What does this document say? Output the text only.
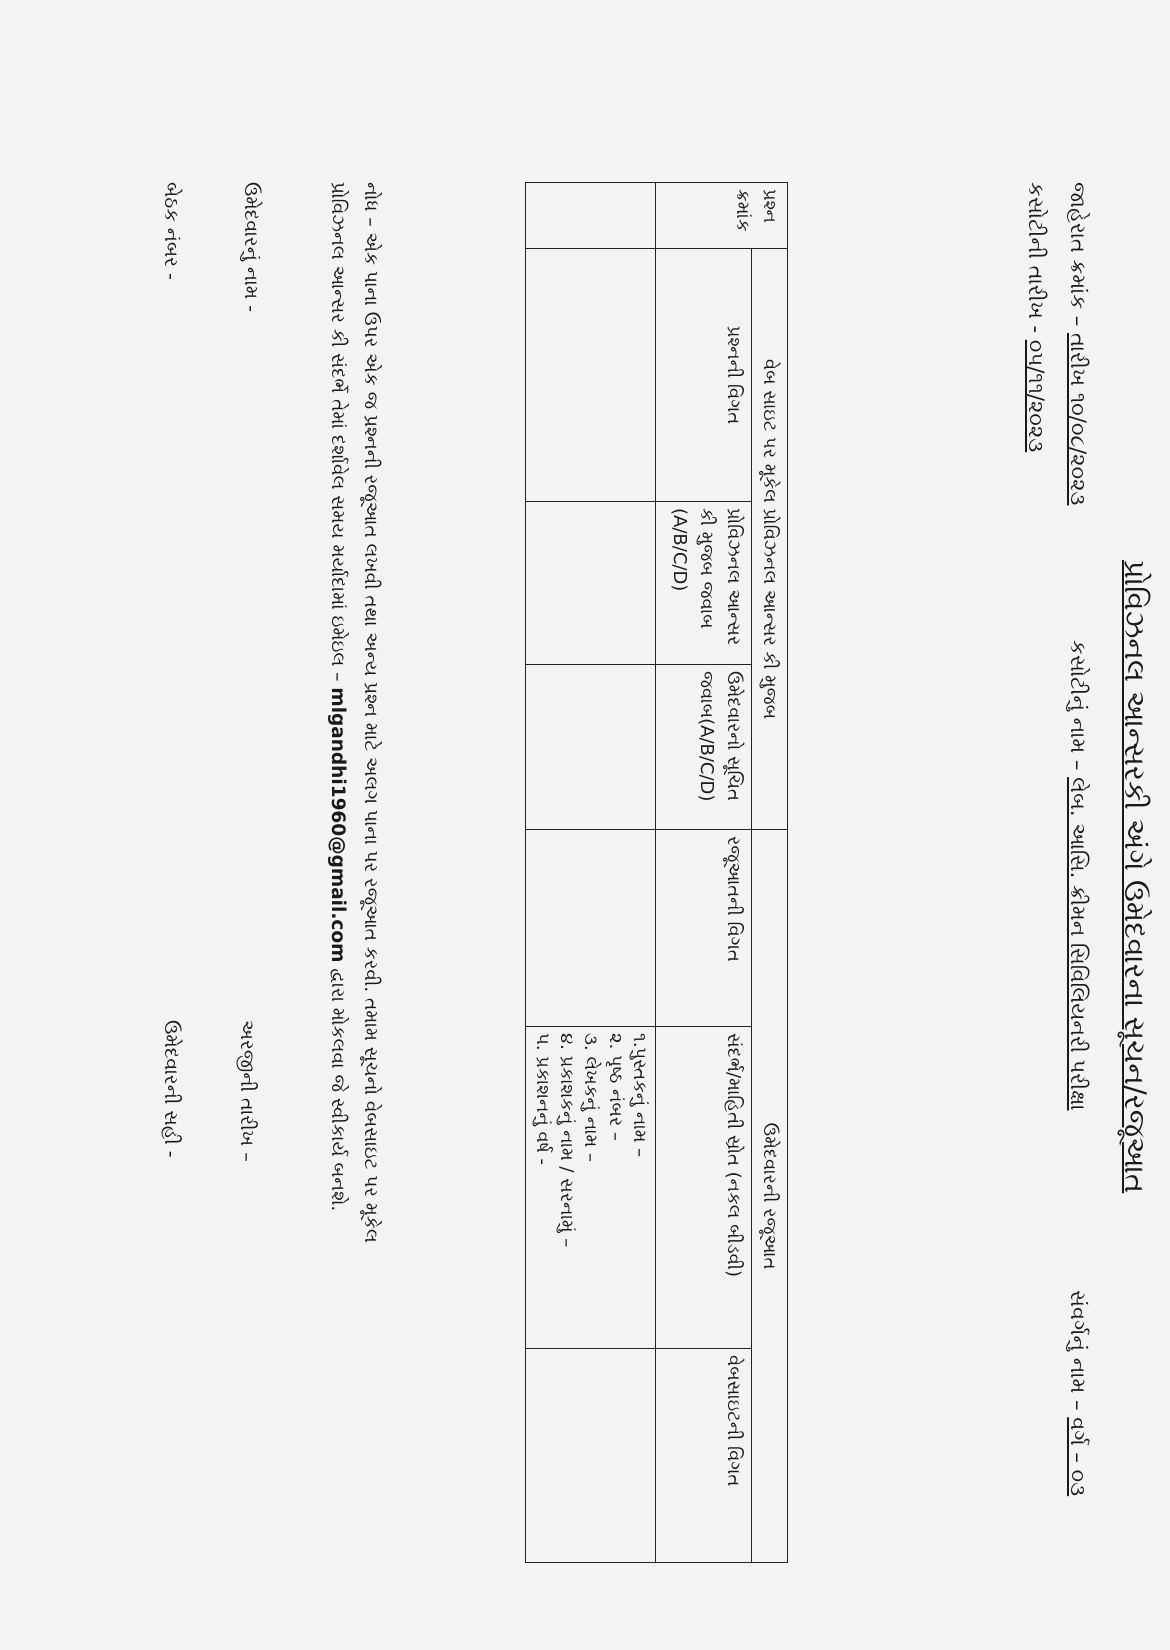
પ્રોવિઝનલ આન્સરકી અંગે ઉમેદવારના સૂચન/રજૂઆત
જાહેરાત ક્રમાંક – તારીખ ૧૦/૦૮/૨૦૨૩
કસોટીનું નામ – લેબ. આસિ. ક્રીમન સિવિલિયનરી પરીક્ષા
સંવર્ગનું નામ – વર્ગ – ૦૩
કસોટીની તારીખ - ૦૫/૧૧/૨૦૨૩
પ્રશ્ન ક્રમાંક	વેબ સાઇટ પર મૂકેલ પ્રોવિઝનલ આન્સર કી મુજબ			ઉમેદવારની રજૂઆત		
	પ્રશ્નની વિગત	પ્રોવિઝનલ આન્સર કી મુજબ જવાબ (A/B/C/D)	ઉમેદવારનો સૂચિત જવાબ(A/B/C/D)	રજૂઆતની વિગત	સંદર્ભ/માહિતી સ્રોત (નકલ બીડવી)	વેબસાઇટની વિગત

					૧.પુસ્તકનું નામ –
૨. પૃષ્ઠ નંબર –
૩. લેખકનું નામ –
૪. પ્રકાશકનું નામ / સરનામું –
૫. પ્રકાશનનું વર્ષ -	

નોધ – એક પાના ઉપર એક જ પ્રશ્નની રજૂઆત લખવી તથા અન્ય પ્રશ્ન માટે અલગ પાના પર રજૂઆત કરવી. તમામ સૂચનો વેબસાઇટ પર મૂકેલ
પ્રોવિઝનલ આન્સર કી સંદર્ભે તેમાં દર્શાવેલ સમય મર્યાદામાં ઇમેઇલ – mlgandhi1960@gmail.com દ્વારા મોકલવા જે સ્વીકાર્ય બનશે.
ઉમેદવારનું નામ -
અરજીની તારીખ –
બેઠક નંબર -
ઉમેદવારની સહી -
